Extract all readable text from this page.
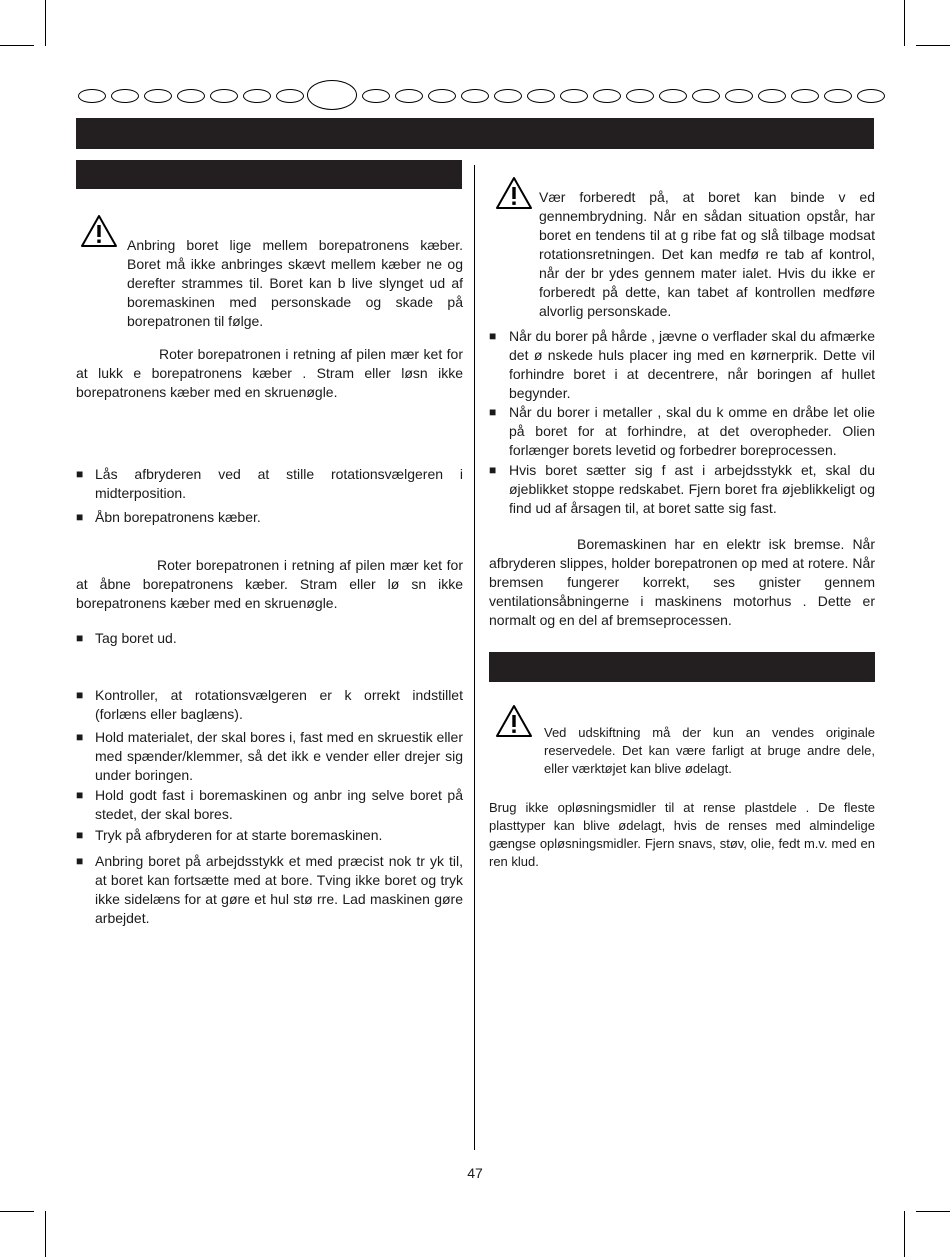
Anbring boret lige mellem borepatronens kæber. Boret må ikke anbringes skævt mellem kæber ne og derefter strammes til. Boret kan b live slynget ud af boremaskinen med personskade og skade på borepatronen til følge.

Roter borepatronen i retning af pilen mær ket for at lukk e borepatronens kæber . Stram eller løsn ikke borepatronens kæber med en skruenøgle.

■ Lås afbryderen ved at stille rotationsvælgeren i midterposition.

■ Åbn borepatronens kæber.

Roter borepatronen i retning af pilen mær ket for at åbne borepatronens kæber. Stram eller lø sn ikke borepatronens kæber med en skruenøgle.

■ Tag boret ud.

■ Kontroller, at rotationsvælgeren er k orrekt indstillet (forlæns eller baglæns).

■ Hold materialet, der skal bores i, fast med en skruestik eller med spænder/klemmer, så det ikk e vender eller drejer sig under boringen.

■ Hold godt fast i boremaskinen og anbr ing selve boret på stedet, der skal bores.

■ Tryk på afbryderen for at starte boremaskinen.

■ Anbring boret på arbejdsstykk et med præcist nok tr yk til, at boret kan fortsætte med at bore. Tving ikke boret og tryk ikke sidelæns for at gøre et hul stø rre. Lad maskinen gøre arbejdet.

Vær forberedt på, at boret kan binde v ed gennembrydning. Når en sådan situation opstår, har boret en tendens til at g ribe fat og slå tilbage modsat rotationsretningen. Det kan medfø re tab af kontrol, når der br ydes gennem mater ialet. Hvis du ikke er forberedt på dette, kan tabet af kontrollen medføre alvorlig personskade.

■ Når du borer på hårde , jævne o verflader skal du afmærke det ø nskede huls placer ing med en kørnerprik. Dette vil forhindre boret i at decentrere, når boringen af hullet begynder.

■ Når du borer i metaller , skal du k omme en dråbe let olie på boret for at forhindre, at det overopheder. Olien forlænger borets levetid og forbedrer boreprocessen.

■ Hvis boret sætter sig f ast i arbejdsstykk et, skal du øjeblikket stoppe redskabet. Fjern boret fra øjeblikkeligt og find ud af årsagen til, at boret satte sig fast.

Boremaskinen har en elektr isk bremse. Når afbryderen slippes, holder borepatronen op med at rotere. Når bremsen fungerer korrekt, ses gnister gennem ventilationsåbningerne i maskinens motorhus . Dette er normalt og en del af bremseprocessen.

Ved udskiftning må der kun an vendes originale reservedele. Det kan være farligt at bruge andre dele, eller værktøjet kan blive ødelagt.

Brug ikke opløsningsmidler til at rense plastdele . De fleste plasttyper kan blive ødelagt, hvis de renses med almindelige gængse opløsningsmidler. Fjern snavs, støv, olie, fedt m.v. med en ren klud.

47
